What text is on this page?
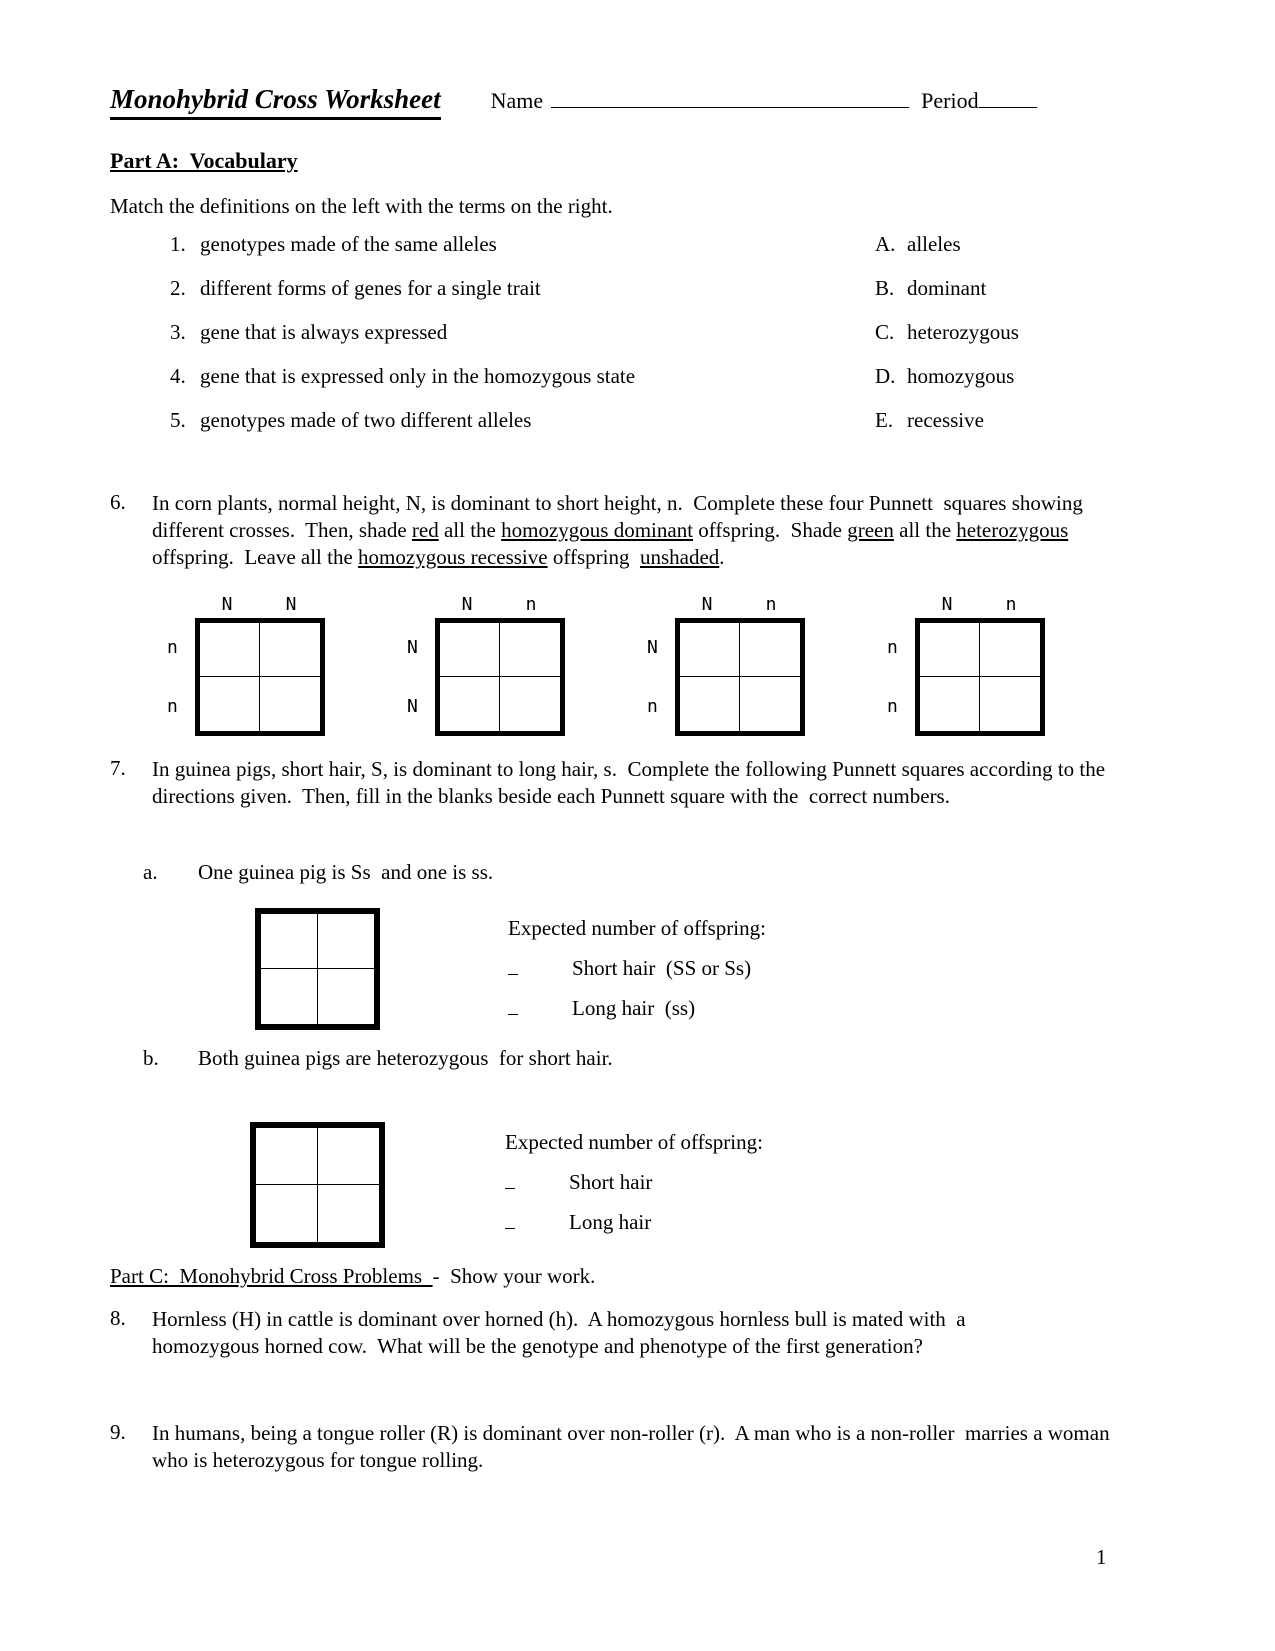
Monohybrid Cross Worksheet Name	Period
Part A:  Vocabulary
Match the definitions on the left with the terms on the right.
1. genotypes made of the same alleles	A. alleles
2. different forms of genes for a single trait	B. dominant
3. gene that is always expressed	C. heterozygous
4. gene that is expressed only in the homozygous state	D. homozygous
5. genotypes made of two different alleles	E. recessive
6.	In corn plants, normal height, N, is dominant to short height, n.  Complete these four Punnett  squares showing different crosses.  Then, shade red all the homozygous dominant offspring.  Shade green all the heterozygous offspring.  Leave all the homozygous recessive offspring  unshaded.
N	N
n
n
N	n
N
N
N	n
N
n
N	n
n
n
7.	In guinea pigs, short hair, S, is dominant to long hair, s.  Complete the following Punnett squares according to the directions given.  Then, fill in the blanks beside each Punnett square with the  correct numbers.
a.	One guinea pig is Ss  and one is ss.
Expected number of offspring:
Short hair  (SS or Ss)
Long hair  (ss)
b.	Both guinea pigs are heterozygous  for short hair.
Expected number of offspring:
Short hair
Long hair
Part C:  Monohybrid Cross Problems  -  Show your work.
8.	Hornless (H) in cattle is dominant over horned (h).  A homozygous hornless bull is mated with  a homozygous horned cow.  What will be the genotype and phenotype of the first generation?
9.	In humans, being a tongue roller (R) is dominant over non-roller (r).  A man who is a non-roller  marries a woman who is heterozygous for tongue rolling.
1
